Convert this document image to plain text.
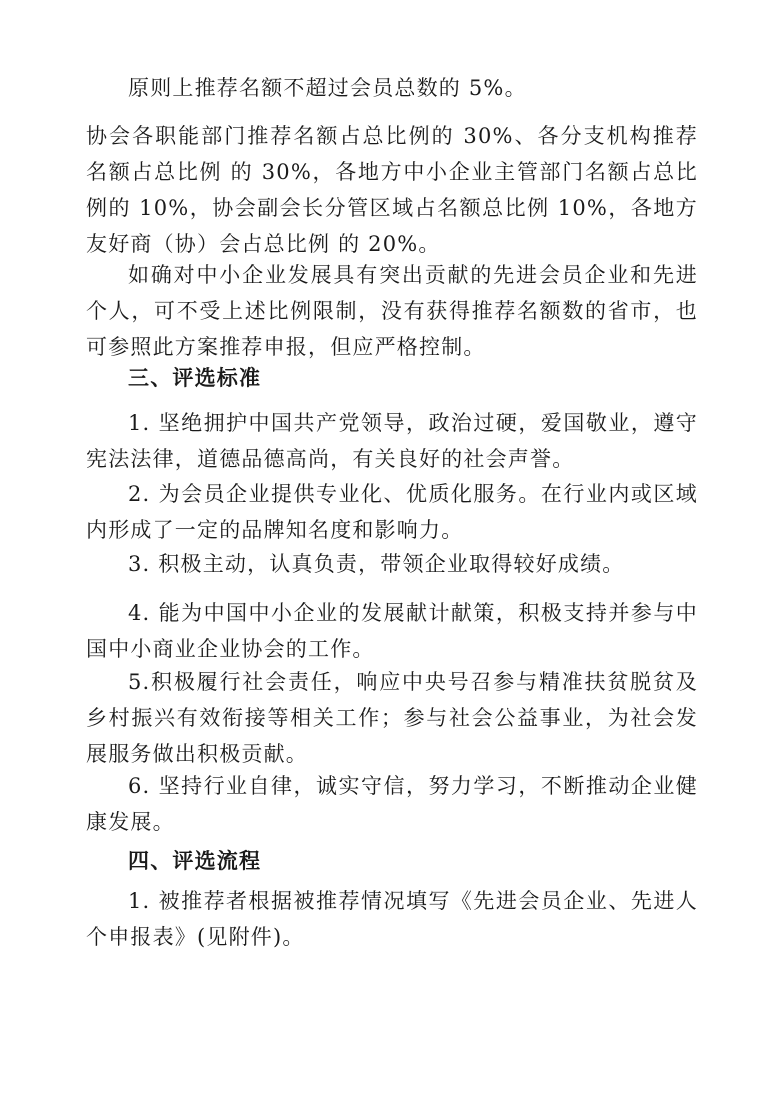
原则上推荐名额不超过会员总数的 5%。

协会各职能部门推荐名额占总比例的 30%、各分支机构推荐名额占总比例 的 30%，各地方中小企业主管部门名额占总比例的 10%，协会副会长分管区域占名额总比例 10%，各地方友好商（协）会占总比例 的 20%。

如确对中小企业发展具有突出贡献的先进会员企业和先进个人，可不受上述比例限制，没有获得推荐名额数的省市，也可参照此方案推荐申报，但应严格控制。

三、评选标准

1. 坚绝拥护中国共产党领导，政治过硬，爱国敬业，遵守宪法法律，道德品德高尚，有关良好的社会声誉。

2. 为会员企业提供专业化、优质化服务。在行业内或区域内形成了一定的品牌知名度和影响力。

3. 积极主动，认真负责，带领企业取得较好成绩。

4. 能为中国中小企业的发展献计献策，积极支持并参与中国中小商业企业协会的工作。

5.积极履行社会责任，响应中央号召参与精准扶贫脱贫及乡村振兴有效衔接等相关工作；参与社会公益事业，为社会发展服务做出积极贡献。

6. 坚持行业自律，诚实守信，努力学习，不断推动企业健康发展。

四、评选流程

1. 被推荐者根据被推荐情况填写《先进会员企业、先进人个申报表》(见附件)。
